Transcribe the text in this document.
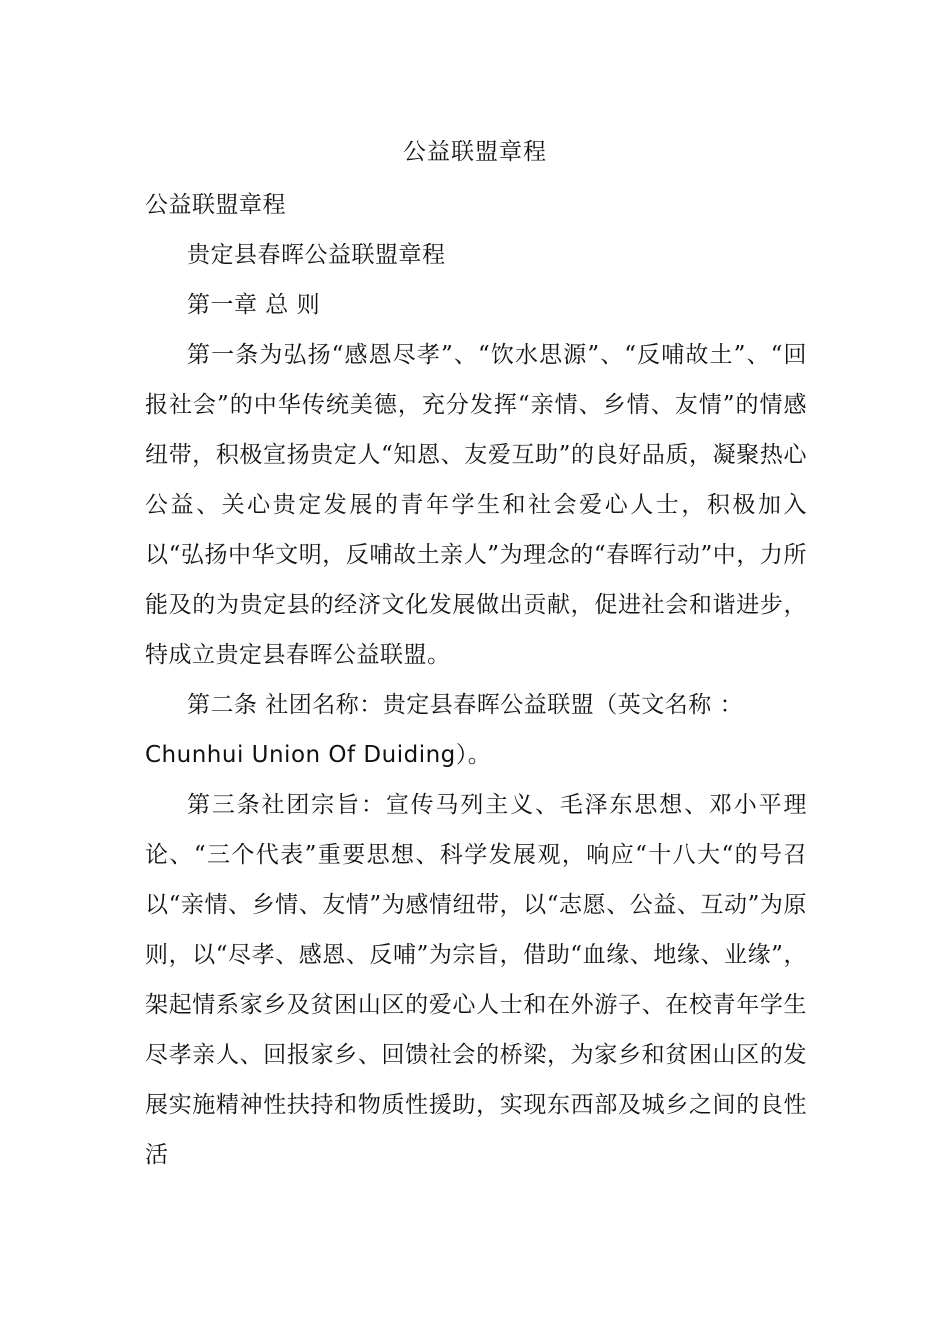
公益联盟章程

公益联盟章程

贵定县春晖公益联盟章程

第一章 总 则

第一条为弘扬“感恩尽孝”、“饮水思源”、“反哺故土”、“回报社会”的中华传统美德，充分发挥“亲情、乡情、友情”的情感纽带，积极宣扬贵定人“知恩、友爱互助”的良好品质，凝聚热心公益、关心贵定发展的青年学生和社会爱心人士，积极加入以“弘扬中华文明，反哺故土亲人”为理念的“春晖行动”中，力所能及的为贵定县的经济文化发展做出贡献，促进社会和谐进步，特成立贵定县春晖公益联盟。

第二条 社团名称：贵定县春晖公益联盟（英文名称 ：

Chunhui Union Of Duiding）。

第三条社团宗旨：宣传马列主义、毛泽东思想、邓小平理论、“三个代表”重要思想、科学发展观，响应“十八大“的号召以“亲情、乡情、友情”为感情纽带，以“志愿、公益、互动”为原则，以“尽孝、感恩、反哺”为宗旨，借助“血缘、地缘、业缘”，架起情系家乡及贫困山区的爱心人士和在外游子、在校青年学生尽孝亲人、回报家乡、回馈社会的桥梁，为家乡和贫困山区的发展实施精神性扶持和物质性援助，实现东西部及城乡之间的良性活
